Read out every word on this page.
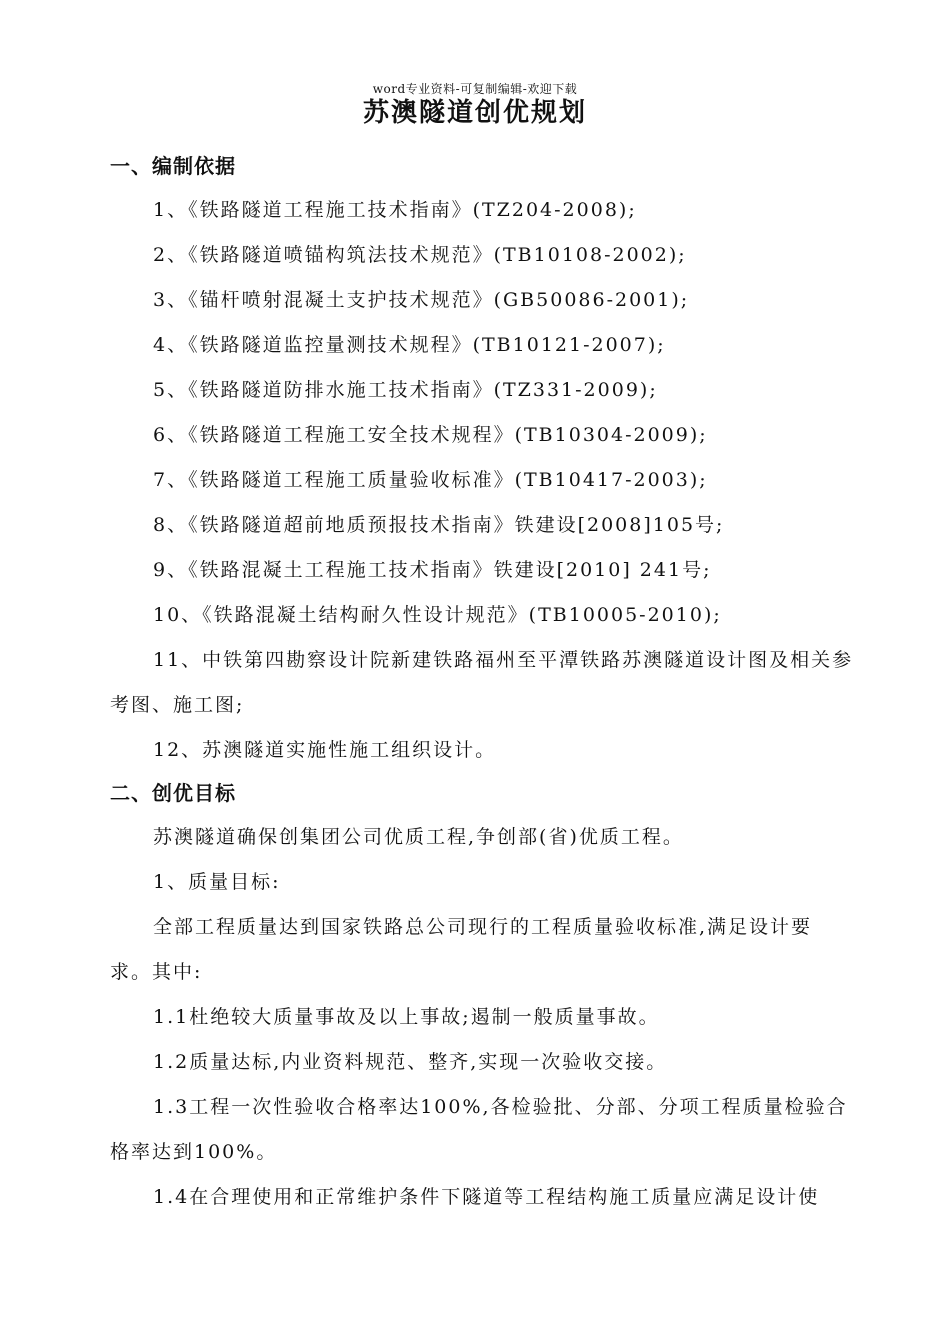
word专业资料-可复制编辑-欢迎下载
苏澳隧道创优规划
一、编制依据
1、《铁路隧道工程施工技术指南》(TZ204-2008);
2、《铁路隧道喷锚构筑法技术规范》(TB10108-2002);
3、《锚杆喷射混凝土支护技术规范》(GB50086-2001);
4、《铁路隧道监控量测技术规程》(TB10121-2007);
5、《铁路隧道防排水施工技术指南》(TZ331-2009);
6、《铁路隧道工程施工安全技术规程》(TB10304-2009);
7、《铁路隧道工程施工质量验收标准》(TB10417-2003);
8、《铁路隧道超前地质预报技术指南》铁建设[2008]105号;
9、《铁路混凝土工程施工技术指南》铁建设[2010] 241号;
10、《铁路混凝土结构耐久性设计规范》(TB10005-2010);
11、中铁第四勘察设计院新建铁路福州至平潭铁路苏澳隧道设计图及相关参
考图、施工图;
12、苏澳隧道实施性施工组织设计。
二、创优目标
苏澳隧道确保创集团公司优质工程,争创部(省)优质工程。
1、质量目标:
全部工程质量达到国家铁路总公司现行的工程质量验收标准,满足设计要
求。其中:
1.1杜绝较大质量事故及以上事故;遏制一般质量事故。
1.2质量达标,内业资料规范、整齐,实现一次验收交接。
1.3工程一次性验收合格率达100%,各检验批、分部、分项工程质量检验合
格率达到100%。
1.4在合理使用和正常维护条件下隧道等工程结构施工质量应满足设计使
